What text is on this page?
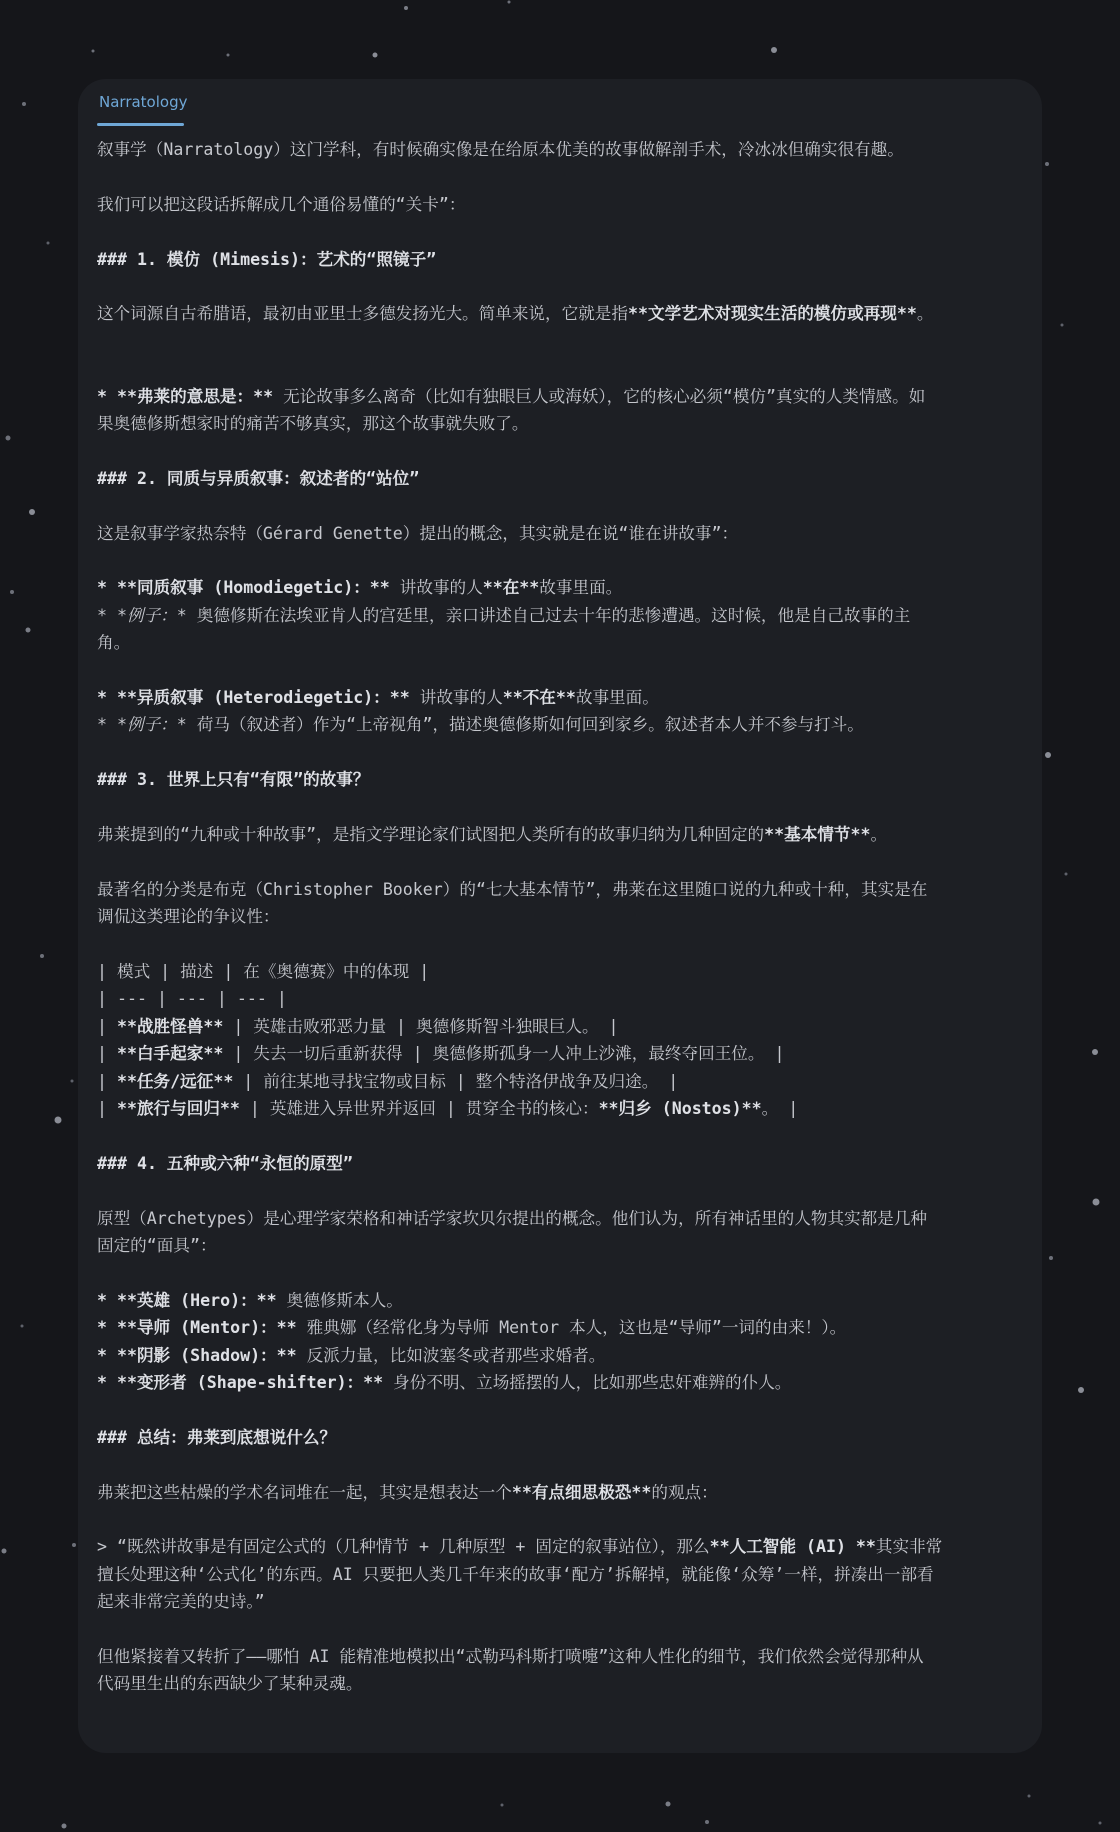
Narratology

叙事学（Narratology）这门学科，有时候确实像是在给原本优美的故事做解剖手术，冷冰冰但确实很有趣。

我们可以把这段话拆解成几个通俗易懂的“关卡”：

### 1. 模仿 (Mimesis)：艺术的“照镜子”

这个词源自古希腊语，最初由亚里士多德发扬光大。简单来说，它就是指**文学艺术对现实生活的模仿或再现**。

* **弗莱的意思是：** 无论故事多么离奇（比如有独眼巨人或海妖），它的核心必须“模仿”真实的人类情感。如

果奥德修斯想家时的痛苦不够真实，那这个故事就失败了。

### 2. 同质与异质叙事：叙述者的“站位”

这是叙事学家热奈特（Gérard Genette）提出的概念，其实就是在说“谁在讲故事”：

* **同质叙事 (Homodiegetic)：** 讲故事的人**在**故事里面。

* *例子：* 奥德修斯在法埃亚肯人的宫廷里，亲口讲述自己过去十年的悲惨遭遇。这时候，他是自己故事的主

角。

* **异质叙事 (Heterodiegetic)：** 讲故事的人**不在**故事里面。

* *例子：* 荷马（叙述者）作为“上帝视角”，描述奥德修斯如何回到家乡。叙述者本人并不参与打斗。

### 3. 世界上只有“有限”的故事？

弗莱提到的“九种或十种故事”，是指文学理论家们试图把人类所有的故事归纳为几种固定的**基本情节**。

最著名的分类是布克（Christopher Booker）的“七大基本情节”，弗莱在这里随口说的九种或十种，其实是在

调侃这类理论的争议性：

| 模式 | 描述 | 在《奥德赛》中的体现 |

| --- | --- | --- |

| **战胜怪兽** | 英雄击败邪恶力量 | 奥德修斯智斗独眼巨人。 |

| **白手起家** | 失去一切后重新获得 | 奥德修斯孤身一人冲上沙滩，最终夺回王位。 |

| **任务/远征** | 前往某地寻找宝物或目标 | 整个特洛伊战争及归途。 |

| **旅行与回归** | 英雄进入异世界并返回 | 贯穿全书的核心：**归乡 (Nostos)**。 |

### 4. 五种或六种“永恒的原型”

原型（Archetypes）是心理学家荣格和神话学家坎贝尔提出的概念。他们认为，所有神话里的人物其实都是几种

固定的“面具”：

* **英雄 (Hero)：** 奥德修斯本人。

* **导师 (Mentor)：** 雅典娜（经常化身为导师 Mentor 本人，这也是“导师”一词的由来！）。

* **阴影 (Shadow)：** 反派力量，比如波塞冬或者那些求婚者。

* **变形者 (Shape-shifter)：** 身份不明、立场摇摆的人，比如那些忠奸难辨的仆人。

### 总结：弗莱到底想说什么？

弗莱把这些枯燥的学术名词堆在一起，其实是想表达一个**有点细思极恐**的观点：

> “既然讲故事是有固定公式的（几种情节 + 几种原型 + 固定的叙事站位），那么**人工智能 (AI) **其实非常

擅长处理这种‘公式化’的东西。AI 只要把人类几千年来的故事‘配方’拆解掉，就能像‘众筹’一样，拼凑出一部看

起来非常完美的史诗。”

但他紧接着又转折了——哪怕 AI 能精准地模拟出“忒勒玛科斯打喷嚏”这种人性化的细节，我们依然会觉得那种从

代码里生出的东西缺少了某种灵魂。
